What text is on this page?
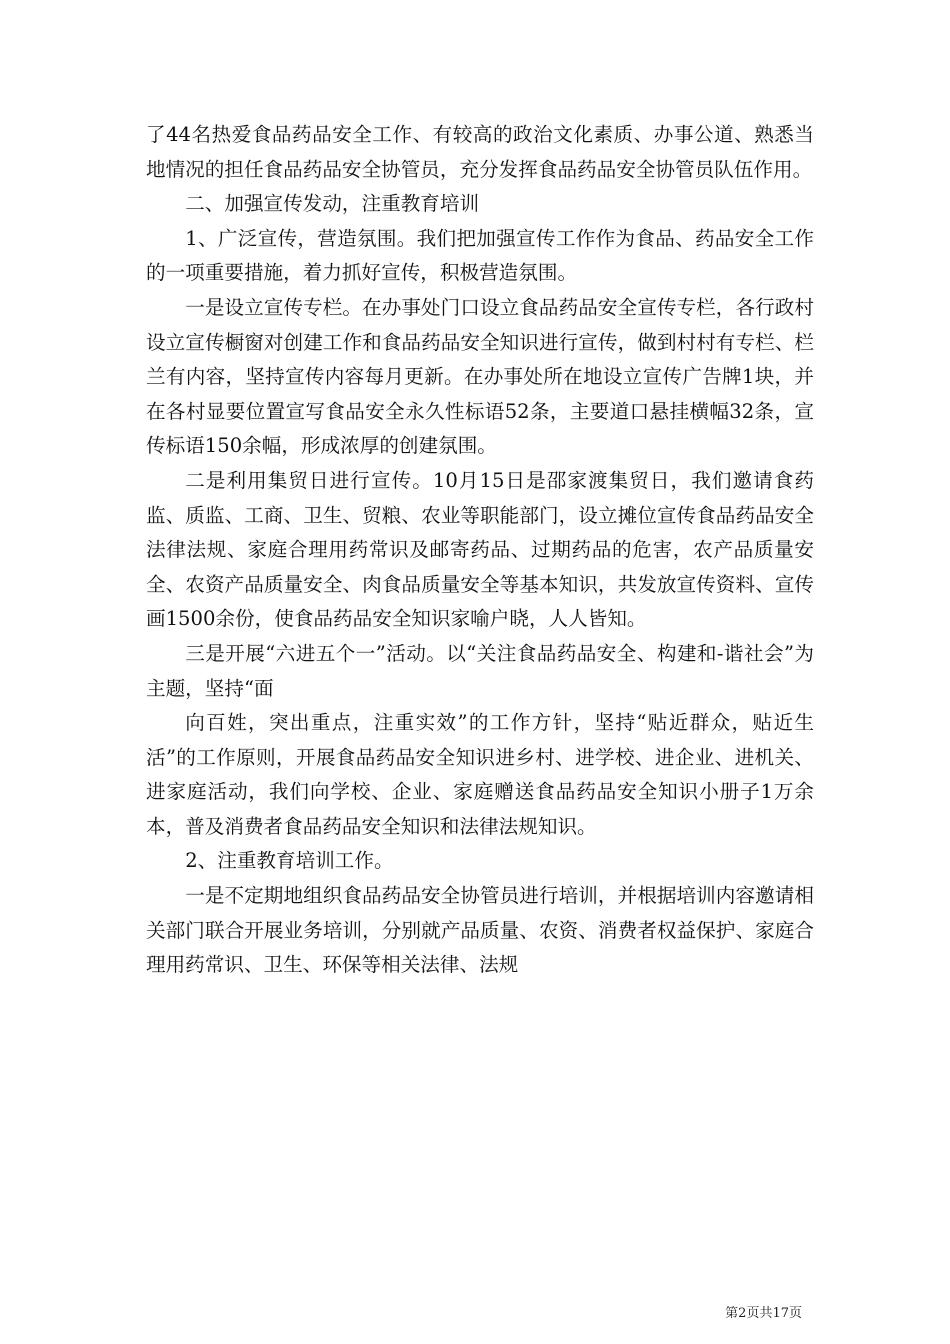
了44名热爱食品药品安全工作、有较高的政治文化素质、办事公道、熟悉当地情况的担任食品药品安全协管员，充分发挥食品药品安全协管员队伍作用。

二、加强宣传发动，注重教育培训

1、广泛宣传，营造氛围。我们把加强宣传工作作为食品、药品安全工作的一项重要措施，着力抓好宣传，积极营造氛围。

一是设立宣传专栏。在办事处门口设立食品药品安全宣传专栏，各行政村设立宣传橱窗对创建工作和食品药品安全知识进行宣传，做到村村有专栏、栏兰有内容，坚持宣传内容每月更新。在办事处所在地设立宣传广告牌1块，并在各村显要位置宣写食品安全永久性标语52条，主要道口悬挂横幅32条，宣传标语150余幅，形成浓厚的创建氛围。

二是利用集贸日进行宣传。10月15日是邵家渡集贸日，我们邀请食药监、质监、工商、卫生、贸粮、农业等职能部门，设立摊位宣传食品药品安全法律法规、家庭合理用药常识及邮寄药品、过期药品的危害，农产品质量安全、农资产品质量安全、肉食品质量安全等基本知识，共发放宣传资料、宣传画1500余份，使食品药品安全知识家喻户晓，人人皆知。

三是开展“六进五个一”活动。以“关注食品药品安全、构建和-谐社会”为主题，坚持“面

向百姓，突出重点，注重实效”的工作方针，坚持“贴近群众，贴近生活”的工作原则，开展食品药品安全知识进乡村、进学校、进企业、进机关、进家庭活动，我们向学校、企业、家庭赠送食品药品安全知识小册子1万余本，普及消费者食品药品安全知识和法律法规知识。

2、注重教育培训工作。

一是不定期地组织食品药品安全协管员进行培训，并根据培训内容邀请相关部门联合开展业务培训，分别就产品质量、农资、消费者权益保护、家庭合理用药常识、卫生、环保等相关法律、法规

第2页共17页
